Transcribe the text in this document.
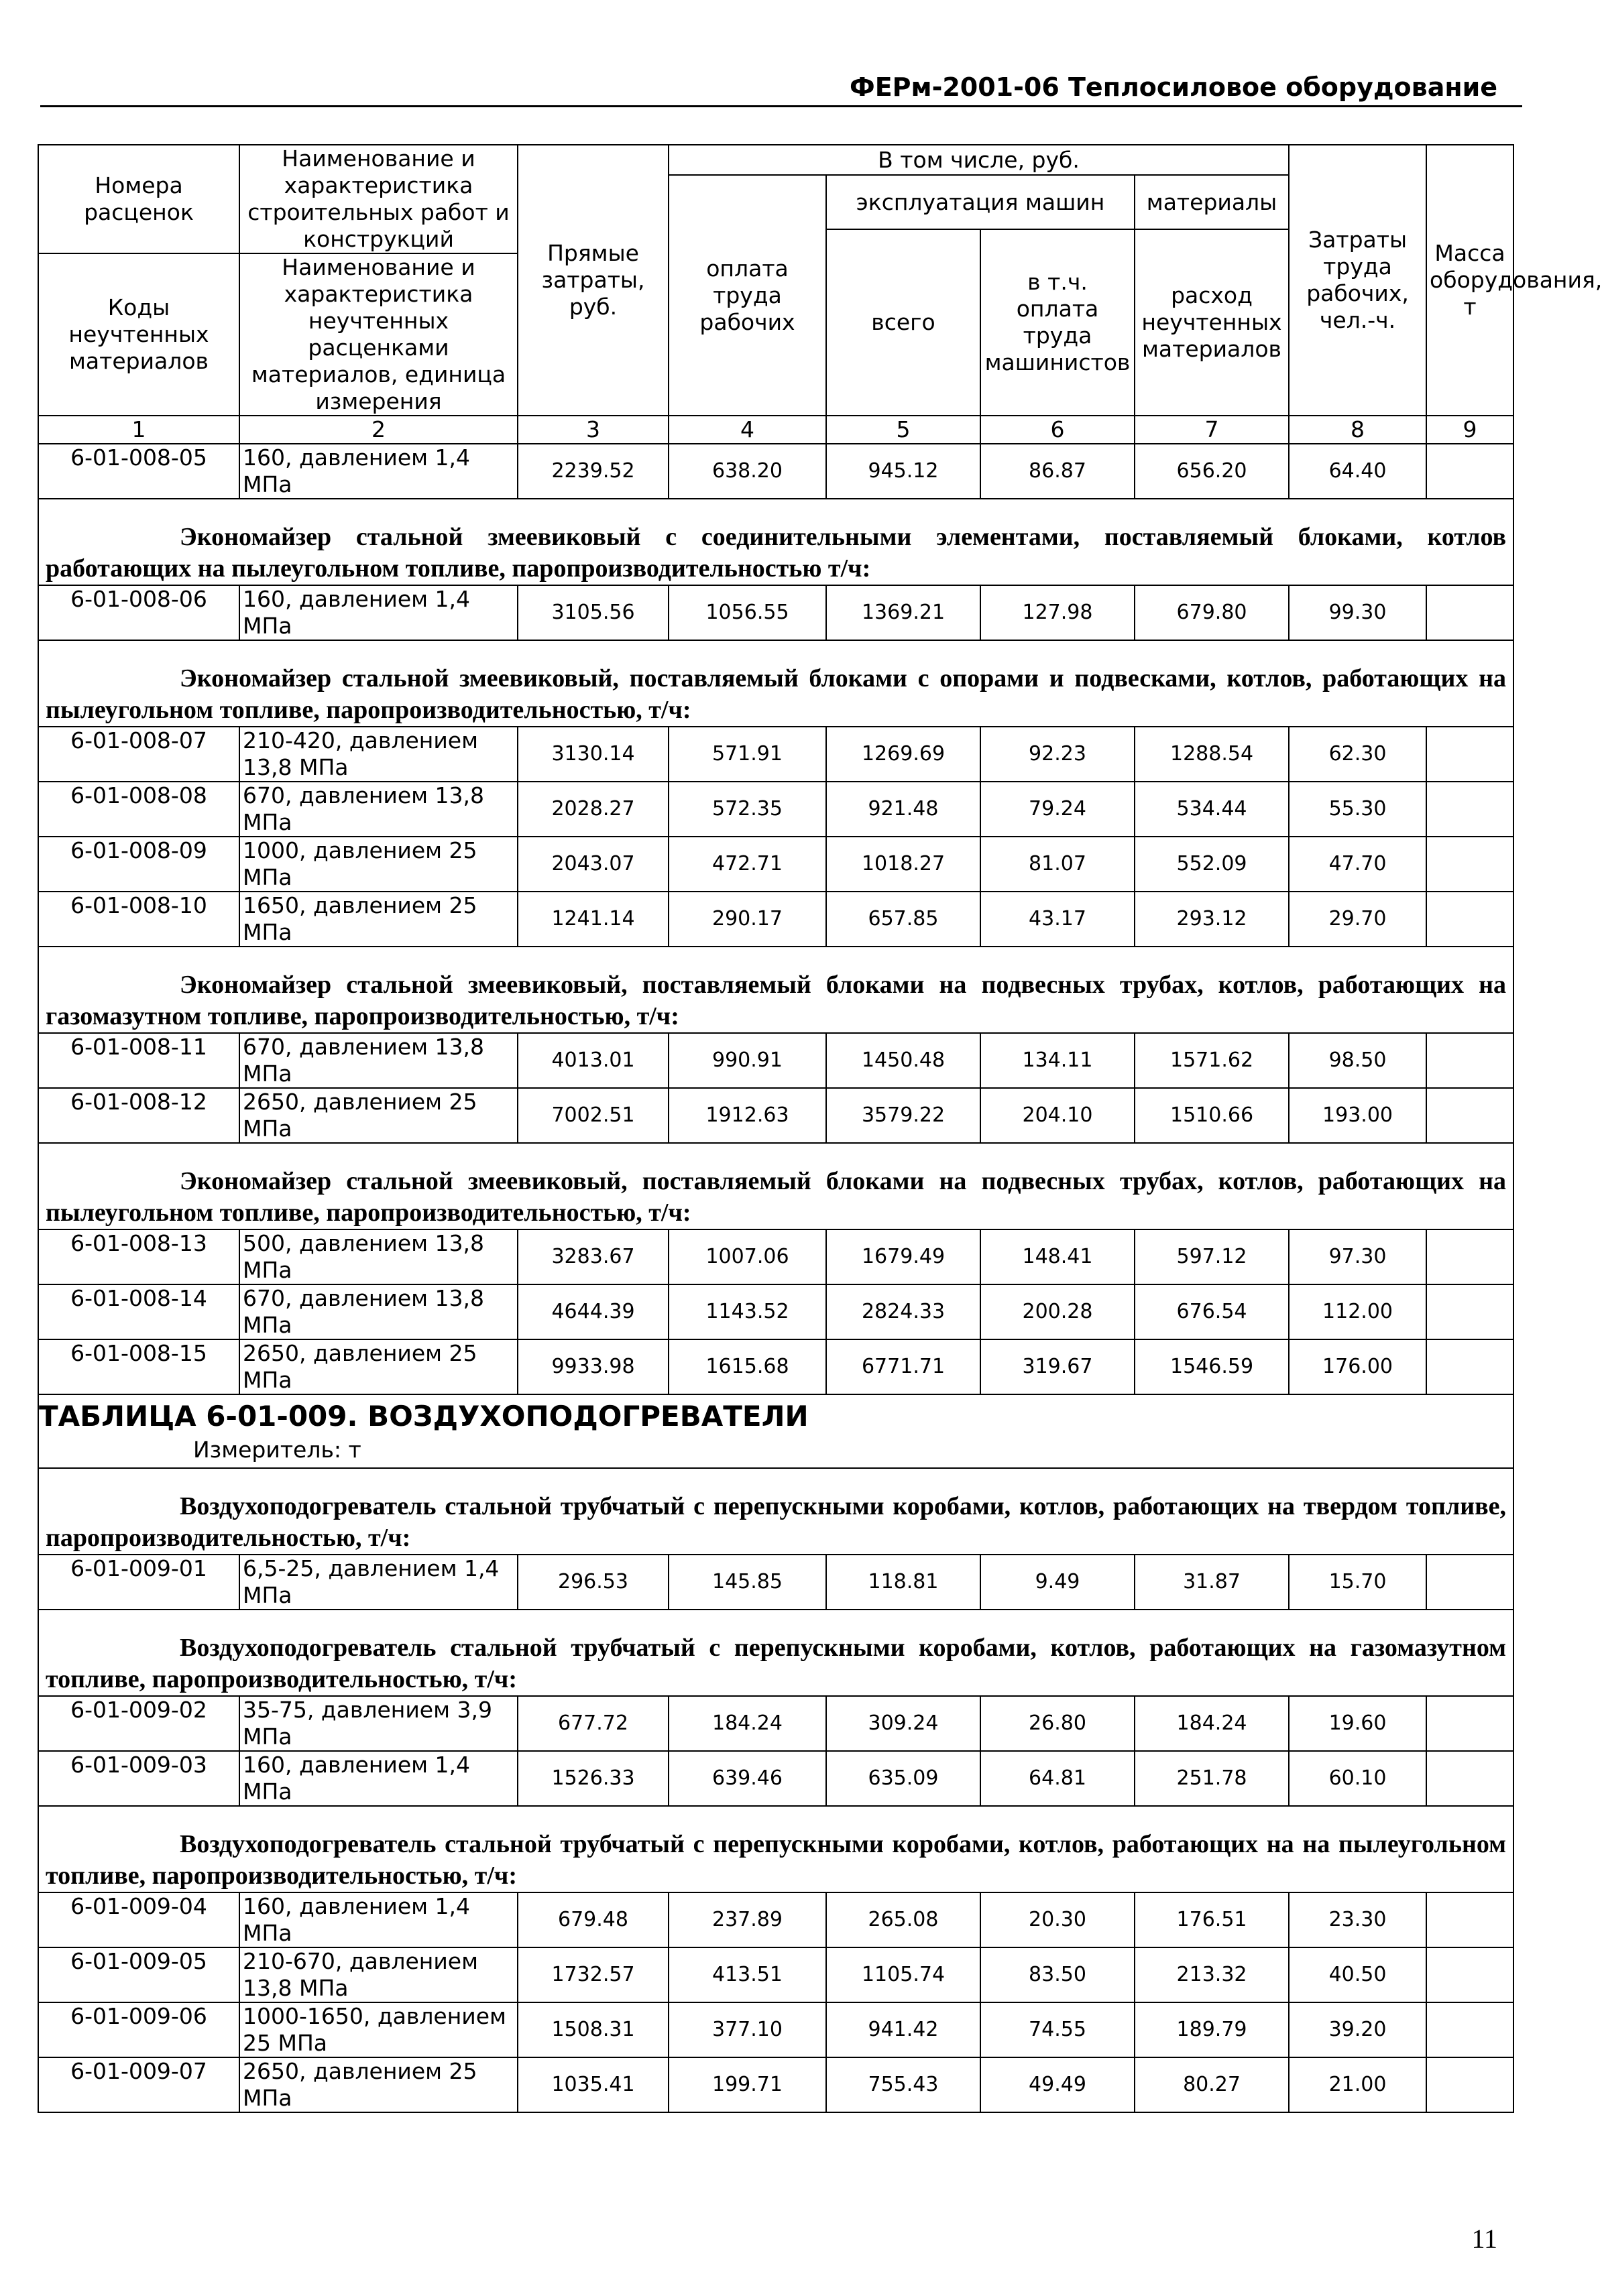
ФЕРм-2001-06 Теплосиловое оборудование
Номера расценок	Наименование и характеристика строительных работ и конструкций	Прямые затраты, руб.	В том числе, руб.				Затраты труда рабочих, чел.-ч.	Масса оборудования, т
			оплата труда рабочих	эксплуатация машин		материалы		
				всего	в т.ч. оплата труда машинистов	расход неучтенных материалов		
Коды неучтенных материалов	Наименование и характеристика неучтенных расценками материалов, единица измерения							

1	2	3	4	5	6	7	8	9
6-01-008-05	160, давлением 1,4 МПа	2239.52	638.20	945.12	86.87	656.20	64.40	
Экономайзер стальной змеевиковый с соединительными элементами, поставляемый блоками, котлов работающих на пылеугольном топливе, паропроизводительностью т/ч:								
6-01-008-06	160, давлением 1,4 МПа	3105.56	1056.55	1369.21	127.98	679.80	99.30	
Экономайзер стальной змеевиковый, поставляемый блоками с опорами и подвесками, котлов, работающих на пылеугольном топливе, паропроизводительностью, т/ч:								
6-01-008-07	210-420, давлением 13,8 МПа	3130.14	571.91	1269.69	92.23	1288.54	62.30	
6-01-008-08	670, давлением 13,8 МПа	2028.27	572.35	921.48	79.24	534.44	55.30	
6-01-008-09	1000, давлением 25 МПа	2043.07	472.71	1018.27	81.07	552.09	47.70	
6-01-008-10	1650, давлением 25 МПа	1241.14	290.17	657.85	43.17	293.12	29.70	
Экономайзер стальной змеевиковый, поставляемый блоками на подвесных трубах, котлов, работающих на газомазутном топливе, паропроизводительностью, т/ч:								
6-01-008-11	670, давлением 13,8 МПа	4013.01	990.91	1450.48	134.11	1571.62	98.50	
6-01-008-12	2650, давлением 25 МПа	7002.51	1912.63	3579.22	204.10	1510.66	193.00	
Экономайзер стальной змеевиковый, поставляемый блоками на подвесных трубах, котлов, работающих на пылеугольном топливе, паропроизводительностью, т/ч:								
6-01-008-13	500, давлением 13,8 МПа	3283.67	1007.06	1679.49	148.41	597.12	97.30	
6-01-008-14	670, давлением 13,8 МПа	4644.39	1143.52	2824.33	200.28	676.54	112.00	
6-01-008-15	2650, давлением 25 МПа	9933.98	1615.68	6771.71	319.67	1546.59	176.00	

ТАБЛИЦА 6-01-009. ВОЗДУХОПОДОГРЕВАТЕЛИ
Измеритель: т								

Воздухоподогреватель стальной трубчатый с перепускными коробами, котлов, работающих на твердом топливе, паропроизводительностью, т/ч:								
6-01-009-01	6,5-25, давлением 1,4 МПа	296.53	145.85	118.81	9.49	31.87	15.70	
Воздухоподогреватель стальной трубчатый с перепускными коробами, котлов, работающих на газомазутном топливе, паропроизводительностью, т/ч:								
6-01-009-02	35-75, давлением 3,9 МПа	677.72	184.24	309.24	26.80	184.24	19.60	
6-01-009-03	160, давлением 1,4 МПа	1526.33	639.46	635.09	64.81	251.78	60.10	
Воздухоподогреватель стальной трубчатый с перепускными коробами, котлов, работающих на на пылеугольном топливе, паропроизводительностью, т/ч:								
6-01-009-04	160, давлением 1,4 МПа	679.48	237.89	265.08	20.30	176.51	23.30	
6-01-009-05	210-670, давлением 13,8 МПа	1732.57	413.51	1105.74	83.50	213.32	40.50	
6-01-009-06	1000-1650, давлением 25 МПа	1508.31	377.10	941.42	74.55	189.79	39.20	
6-01-009-07	2650, давлением 25 МПа	1035.41	199.71	755.43	49.49	80.27	21.00	
11
